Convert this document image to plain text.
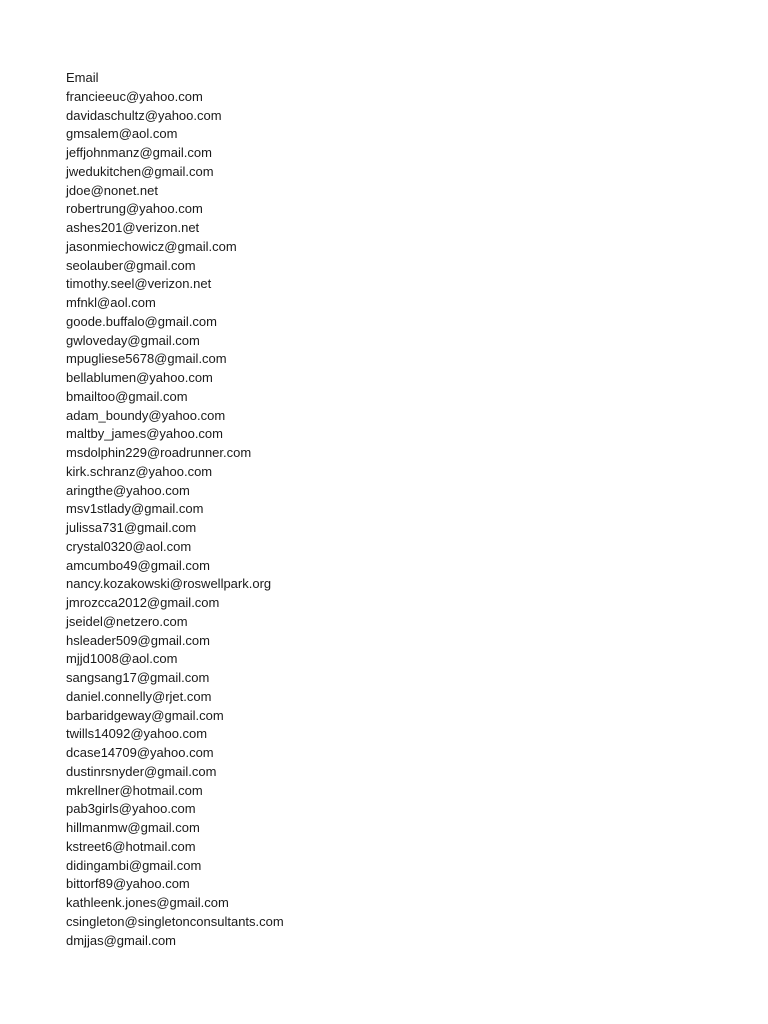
Email
francieeuc@yahoo.com
davidaschultz@yahoo.com
gmsalem@aol.com
jeffjohnmanz@gmail.com
jwedukitchen@gmail.com
jdoe@nonet.net
robertrung@yahoo.com
ashes201@verizon.net
jasonmiechowicz@gmail.com
seolauber@gmail.com
timothy.seel@verizon.net
mfnkl@aol.com
goode.buffalo@gmail.com
gwloveday@gmail.com
mpugliese5678@gmail.com
bellablumen@yahoo.com
bmailtoo@gmail.com
adam_boundy@yahoo.com
maltby_james@yahoo.com
msdolphin229@roadrunner.com
kirk.schranz@yahoo.com
aringthe@yahoo.com
msv1stlady@gmail.com
julissa731@gmail.com
crystal0320@aol.com
amcumbo49@gmail.com
nancy.kozakowski@roswellpark.org
jmrozcca2012@gmail.com
jseidel@netzero.com
hsleader509@gmail.com
mjjd1008@aol.com
sangsang17@gmail.com
daniel.connelly@rjet.com
barbaridgeway@gmail.com
twills14092@yahoo.com
dcase14709@yahoo.com
dustinrsnyder@gmail.com
mkrellner@hotmail.com
pab3girls@yahoo.com
hillmanmw@gmail.com
kstreet6@hotmail.com
didingambi@gmail.com
bittorf89@yahoo.com
kathleenk.jones@gmail.com
csingleton@singletonconsultants.com
dmjjas@gmail.com
